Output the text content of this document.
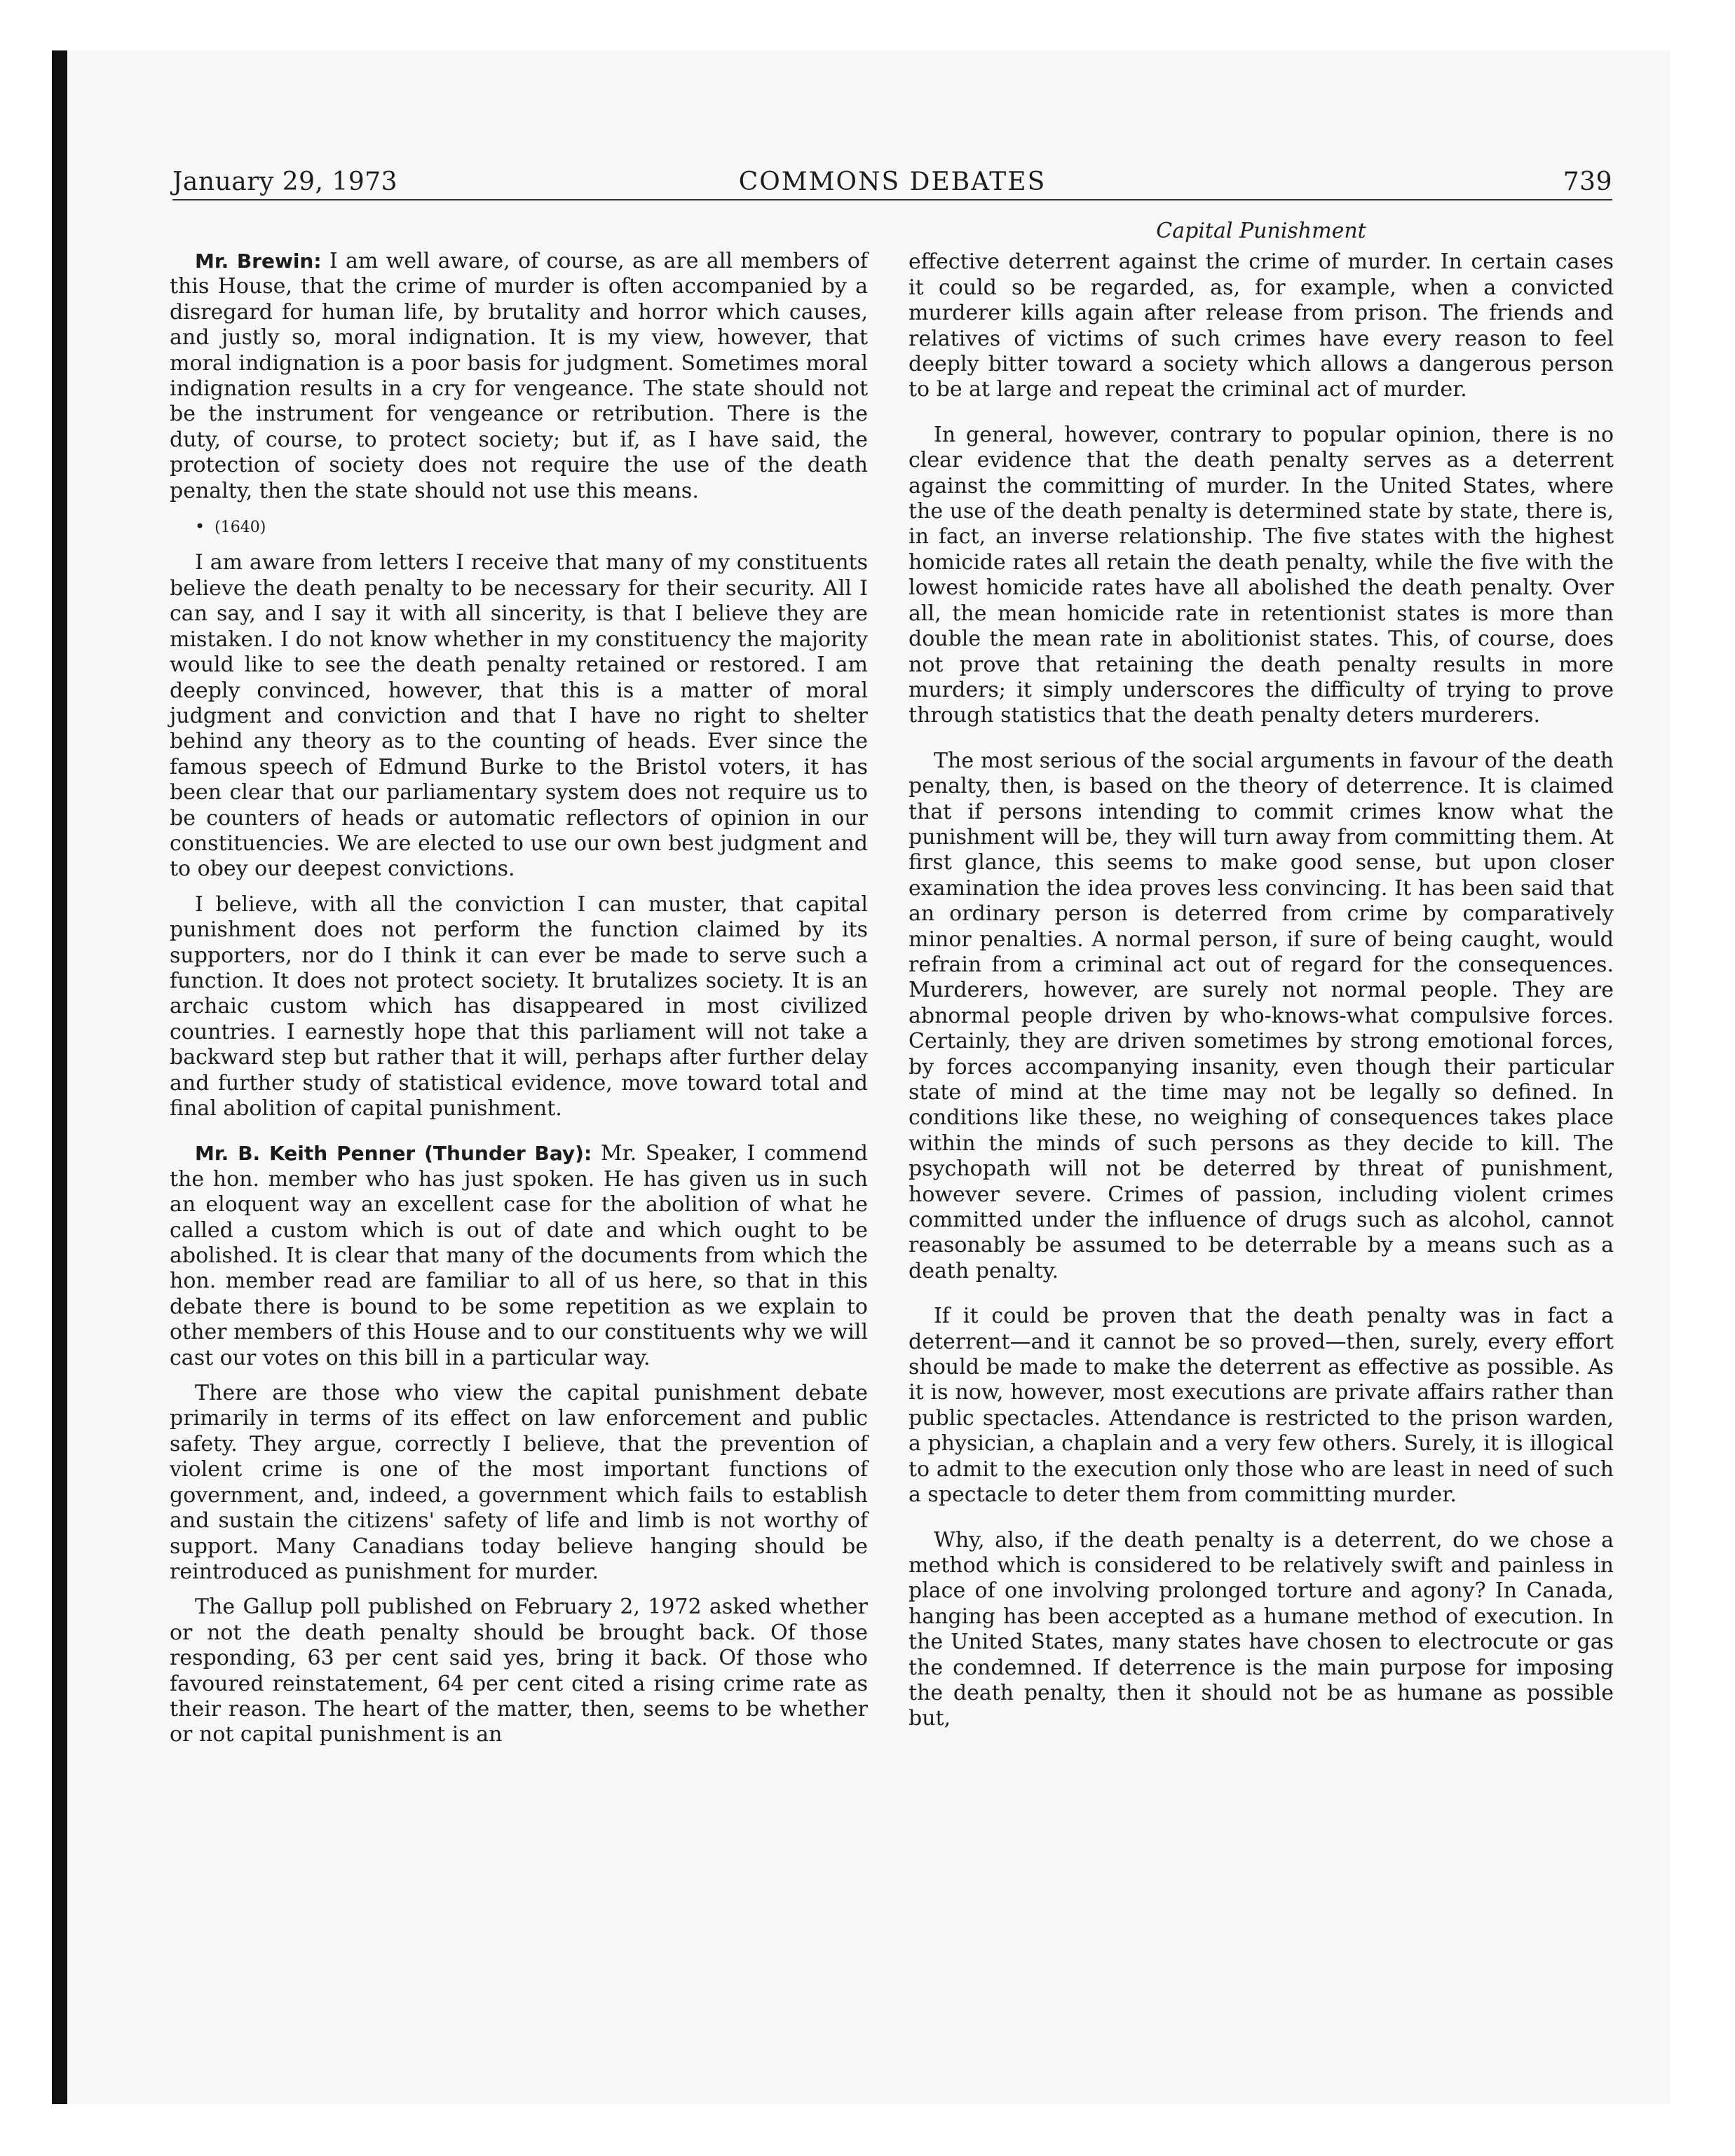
January 29, 1973	COMMONS DEBATES	739

Mr. Brewin: I am well aware, of course, as are all members of this House, that the crime of murder is often accompanied by a disregard for human life, by brutality and horror which causes, and justly so, moral indignation. It is my view, however, that moral indignation is a poor basis for judgment. Sometimes moral indignation results in a cry for vengeance. The state should not be the instrument for vengeance or retribution. There is the duty, of course, to protect society; but if, as I have said, the protection of society does not require the use of the death penalty, then the state should not use this means.

• (1640)

I am aware from letters I receive that many of my constituents believe the death penalty to be necessary for their security. All I can say, and I say it with all sincerity, is that I believe they are mistaken. I do not know whether in my constituency the majority would like to see the death penalty retained or restored. I am deeply convinced, however, that this is a matter of moral judgment and conviction and that I have no right to shelter behind any theory as to the counting of heads. Ever since the famous speech of Edmund Burke to the Bristol voters, it has been clear that our parliamentary system does not require us to be counters of heads or automatic reflectors of opinion in our constituencies. We are elected to use our own best judgment and to obey our deepest convictions.

I believe, with all the conviction I can muster, that capital punishment does not perform the function claimed by its supporters, nor do I think it can ever be made to serve such a function. It does not protect society. It brutalizes society. It is an archaic custom which has disappeared in most civilized countries. I earnestly hope that this parliament will not take a backward step but rather that it will, perhaps after further delay and further study of statistical evidence, move toward total and final abolition of capital punishment.

Mr. B. Keith Penner (Thunder Bay): Mr. Speaker, I commend the hon. member who has just spoken. He has given us in such an eloquent way an excellent case for the abolition of what he called a custom which is out of date and which ought to be abolished. It is clear that many of the documents from which the hon. member read are familiar to all of us here, so that in this debate there is bound to be some repetition as we explain to other members of this House and to our constituents why we will cast our votes on this bill in a particular way.

There are those who view the capital punishment debate primarily in terms of its effect on law enforcement and public safety. They argue, correctly I believe, that the prevention of violent crime is one of the most important functions of government, and, indeed, a government which fails to establish and sustain the citizens' safety of life and limb is not worthy of support. Many Canadians today believe hanging should be reintroduced as punishment for murder.

The Gallup poll published on February 2, 1972 asked whether or not the death penalty should be brought back. Of those responding, 63 per cent said yes, bring it back. Of those who favoured reinstatement, 64 per cent cited a rising crime rate as their reason. The heart of the matter, then, seems to be whether or not capital punishment is an

Capital Punishment

effective deterrent against the crime of murder. In certain cases it could so be regarded, as, for example, when a convicted murderer kills again after release from prison. The friends and relatives of victims of such crimes have every reason to feel deeply bitter toward a society which allows a dangerous person to be at large and repeat the criminal act of murder.

In general, however, contrary to popular opinion, there is no clear evidence that the death penalty serves as a deterrent against the committing of murder. In the United States, where the use of the death penalty is determined state by state, there is, in fact, an inverse relationship. The five states with the highest homicide rates all retain the death penalty, while the five with the lowest homicide rates have all abolished the death penalty. Over all, the mean homicide rate in retentionist states is more than double the mean rate in abolitionist states. This, of course, does not prove that retaining the death penalty results in more murders; it simply underscores the difficulty of trying to prove through statistics that the death penalty deters murderers.

The most serious of the social arguments in favour of the death penalty, then, is based on the theory of deterrence. It is claimed that if persons intending to commit crimes know what the punishment will be, they will turn away from committing them. At first glance, this seems to make good sense, but upon closer examination the idea proves less convincing. It has been said that an ordinary person is deterred from crime by comparatively minor penalties. A normal person, if sure of being caught, would refrain from a criminal act out of regard for the consequences. Murderers, however, are surely not normal people. They are abnormal people driven by who-knows-what compulsive forces. Certainly, they are driven sometimes by strong emotional forces, by forces accompanying insanity, even though their particular state of mind at the time may not be legally so defined. In conditions like these, no weighing of consequences takes place within the minds of such persons as they decide to kill. The psychopath will not be deterred by threat of punishment, however severe. Crimes of passion, including violent crimes committed under the influence of drugs such as alcohol, cannot reasonably be assumed to be deterrable by a means such as a death penalty.

If it could be proven that the death penalty was in fact a deterrent—and it cannot be so proved—then, surely, every effort should be made to make the deterrent as effective as possible. As it is now, however, most executions are private affairs rather than public spectacles. Attendance is restricted to the prison warden, a physician, a chaplain and a very few others. Surely, it is illogical to admit to the execution only those who are least in need of such a spectacle to deter them from committing murder.

Why, also, if the death penalty is a deterrent, do we chose a method which is considered to be relatively swift and painless in place of one involving prolonged torture and agony? In Canada, hanging has been accepted as a humane method of execution. In the United States, many states have chosen to electrocute or gas the condemned. If deterrence is the main purpose for imposing the death penalty, then it should not be as humane as possible but,
